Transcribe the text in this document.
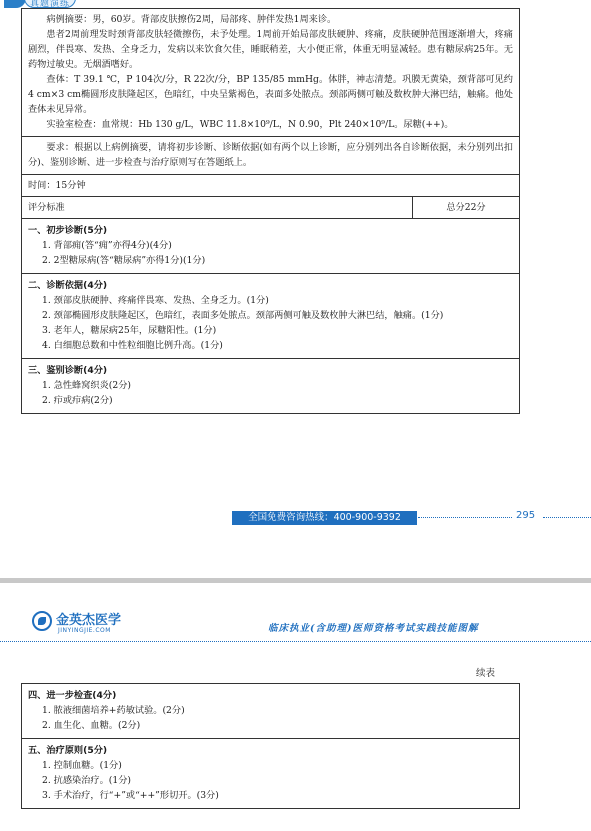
真题演练

病例摘要：男，60岁。背部皮肤擦伤2周，局部疼、肿伴发热1周来诊。

患者2周前理发时颈背部皮肤轻微擦伤，未予处理。1周前开始局部皮肤硬肿、疼痛，皮肤硬肿范围逐渐增大，疼痛剧烈，伴畏寒、发热、全身乏力，发病以来饮食欠佳，睡眠稍差，大小便正常，体重无明显减轻。患有糖尿病25年。无药物过敏史。无烟酒嗜好。

查体：T 39.1 ℃，P 104次/分，R 22次/分，BP 135/85 mmHg。体胖，神志清楚。巩膜无黄染，颈背部可见约4 cm×3 cm椭圆形皮肤隆起区，色暗红，中央呈紫褐色，表面多处脓点。颈部两侧可触及数枚肿大淋巴结，触痛。他处查体未见异常。

实验室检查：血常规：Hb 130 g/L，WBC 11.8×10⁹/L，N 0.90，Plt 240×10⁹/L。尿糖(++)。

要求：根据以上病例摘要，请将初步诊断、诊断依据(如有两个以上诊断，应分别列出各自诊断依据，未分别列出扣分)、鉴别诊断、进一步检查与治疗原则写在答题纸上。

时间：15分钟
评分标准	总分22分

一、初步诊断(5分)
1. 背部痈(答“痈”亦得4分)(4分)
2. 2型糖尿病(答“糖尿病”亦得1分)(1分)

二、诊断依据(4分)
1. 颈部皮肤硬肿、疼痛伴畏寒、发热、全身乏力。(1分)
2. 颈部椭圆形皮肤隆起区，色暗红，表面多处脓点。颈部两侧可触及数枚肿大淋巴结，触痛。(1分)
3. 老年人，糖尿病25年，尿糖阳性。(1分)
4. 白细胞总数和中性粒细胞比例升高。(1分)

三、鉴别诊断(4分)
1. 急性蜂窝织炎(2分)
2. 疖或疖病(2分)
全国免费咨询热线：400-900-9392	295
金英杰医学
JINYINGJIE.COM	临床执业(含助理)医师资格考试实践技能图解
续表
四、进一步检查(4分)
1. 脓液细菌培养+药敏试验。(2分)
2. 血生化、血糖。(2分)

五、治疗原则(5分)
1. 控制血糖。(1分)
2. 抗感染治疗。(1分)
3. 手术治疗，行“+”或“++”形切开。(3分)
